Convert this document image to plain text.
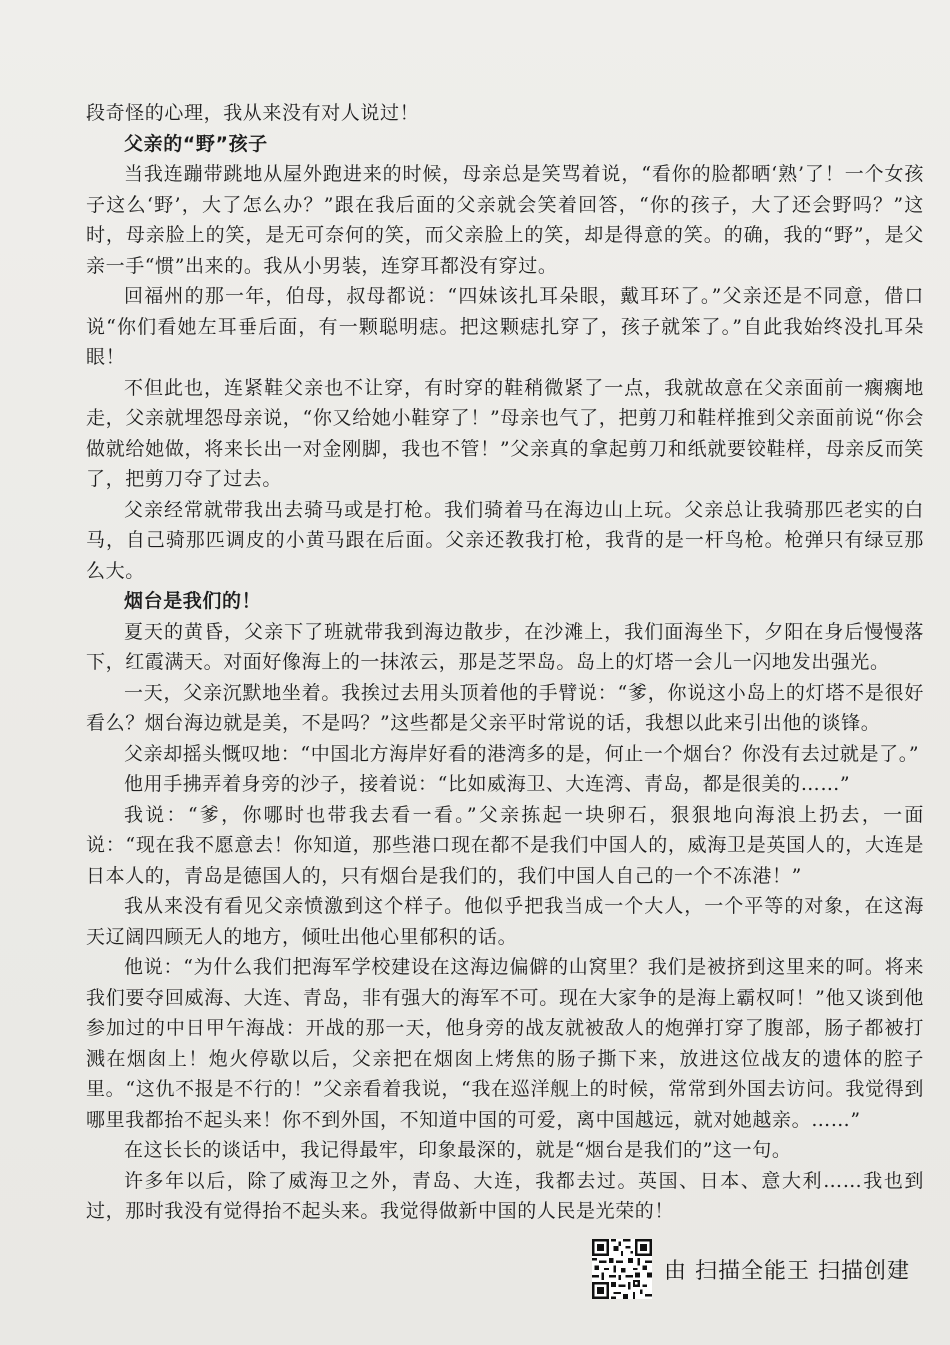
段奇怪的心理，我从来没有对人说过！

父亲的“野”孩子

当我连蹦带跳地从屋外跑进来的时候，母亲总是笑骂着说，“看你的脸都晒‘熟’了！一个女孩子这么‘野’，大了怎么办？”跟在我后面的父亲就会笑着回答，“你的孩子，大了还会野吗？”这时，母亲脸上的笑，是无可奈何的笑，而父亲脸上的笑，却是得意的笑。的确，我的“野”，是父亲一手“惯”出来的。我从小男装，连穿耳都没有穿过。

回福州的那一年，伯母，叔母都说：“四妹该扎耳朵眼，戴耳环了。”父亲还是不同意，借口说“你们看她左耳垂后面，有一颗聪明痣。把这颗痣扎穿了，孩子就笨了。”自此我始终没扎耳朵眼！

不但此也，连紧鞋父亲也不让穿，有时穿的鞋稍微紧了一点，我就故意在父亲面前一瘸瘸地走，父亲就埋怨母亲说，“你又给她小鞋穿了！”母亲也气了，把剪刀和鞋样推到父亲面前说“你会做就给她做，将来长出一对金刚脚，我也不管！”父亲真的拿起剪刀和纸就要铰鞋样，母亲反而笑了，把剪刀夺了过去。

父亲经常就带我出去骑马或是打枪。我们骑着马在海边山上玩。父亲总让我骑那匹老实的白马，自己骑那匹调皮的小黄马跟在后面。父亲还教我打枪，我背的是一杆鸟枪。枪弹只有绿豆那么大。

烟台是我们的！

夏天的黄昏，父亲下了班就带我到海边散步，在沙滩上，我们面海坐下，夕阳在身后慢慢落下，红霞满天。对面好像海上的一抹浓云，那是芝罘岛。岛上的灯塔一会儿一闪地发出强光。

一天，父亲沉默地坐着。我挨过去用头顶着他的手臂说：“爹，你说这小岛上的灯塔不是很好看么？烟台海边就是美，不是吗？”这些都是父亲平时常说的话，我想以此来引出他的谈锋。

父亲却摇头慨叹地：“中国北方海岸好看的港湾多的是，何止一个烟台？你没有去过就是了。”

他用手拂弄着身旁的沙子，接着说：“比如威海卫、大连湾、青岛，都是很美的……”

我说：“爹，你哪时也带我去看一看。”父亲拣起一块卵石，狠狠地向海浪上扔去，一面说：“现在我不愿意去！你知道，那些港口现在都不是我们中国人的，威海卫是英国人的，大连是日本人的，青岛是德国人的，只有烟台是我们的，我们中国人自己的一个不冻港！”

我从来没有看见父亲愤激到这个样子。他似乎把我当成一个大人，一个平等的对象，在这海天辽阔四顾无人的地方，倾吐出他心里郁积的话。

他说：“为什么我们把海军学校建设在这海边偏僻的山窝里？我们是被挤到这里来的呵。将来我们要夺回威海、大连、青岛，非有强大的海军不可。现在大家争的是海上霸权呵！”他又谈到他参加过的中日甲午海战：开战的那一天，他身旁的战友就被敌人的炮弹打穿了腹部，肠子都被打溅在烟囱上！炮火停歇以后，父亲把在烟囱上烤焦的肠子撕下来，放进这位战友的遗体的腔子里。“这仇不报是不行的！”父亲看着我说，“我在巡洋舰上的时候，常常到外国去访问。我觉得到哪里我都抬不起头来！你不到外国，不知道中国的可爱，离中国越远，就对她越亲。……”

在这长长的谈话中，我记得最牢，印象最深的，就是“烟台是我们的”这一句。

许多年以后，除了威海卫之外，青岛、大连，我都去过。英国、日本、意大利……我也到过，那时我没有觉得抬不起头来。我觉得做新中国的人民是光荣的！

由 扫描全能王 扫描创建
